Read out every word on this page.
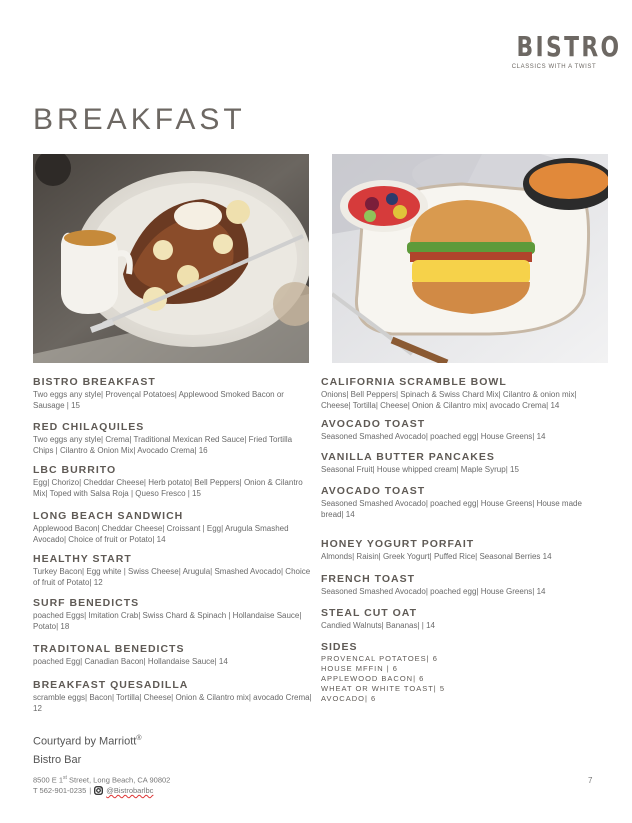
BISTRO
CLASSICS WITH A TWIST
BREAKFAST
BISTRO BREAKFAST
Two eggs any style| Provençal Potatoes| Applewood Smoked Bacon or Sausage | 15
RED CHILAQUILES
Two eggs any style| Crema| Traditional Mexican Red Sauce| Fried Tortilla Chips | Cilantro & Onion Mix| Avocado Crema| 16
LBC BURRITO
Egg| Chorizo| Cheddar Cheese| Herb potato| Bell Peppers| Onion & Cilantro Mix| Toped with Salsa Roja | Queso Fresco | 15
LONG BEACH SANDWICH
Applewood Bacon| Cheddar Cheese| Croissant | Egg| Arugula Smashed Avocado| Choice of fruit or Potato| 14
HEALTHY START
Turkey Bacon| Egg white | Swiss Cheese| Arugula| Smashed Avocado| Choice of fruit of Potato| 12
SURF BENEDICTS
poached Eggs| Imitation Crab| Swiss Chard & Spinach | Hollandaise Sauce| Potato| 18
TRADITONAL BENEDICTS
poached Egg| Canadian Bacon| Hollandaise Sauce| 14
BREAKFAST QUESADILLA
scramble eggs| Bacon| Tortilla| Cheese| Onion & Cilantro mix| avocado Crema| 12
CALIFORNIA SCRAMBLE BOWL
Onions| Bell Peppers| Spinach & Swiss Chard Mix| Cilantro & onion mix| Cheese| Tortilla| Cheese| Onion & Cilantro mix| avocado Crema| 14
AVOCADO TOAST
Seasoned Smashed Avocado| poached egg| House Greens| 14
VANILLA BUTTER PANCAKES
Seasonal Fruit| House whipped cream| Maple Syrup| 15
AVOCADO TOAST
Seasoned Smashed Avocado| poached egg| House Greens| House made bread| 14
HONEY YOGURT PORFAIT
Almonds| Raisin| Greek Yogurt| Puffed Rice| Seasonal Berries 14
FRENCH TOAST
Seasoned Smashed Avocado| poached egg| House Greens| 14
STEAL CUT OAT
Candied Walnuts| Bananas| | 14
SIDES
PROVENCAL POTATOES| 6
HOUSE MFFIN | 6
APPLEWOOD BACON| 6
WHEAT OR WHITE TOAST| 5
AVOCADO| 6
Courtyard by Marriott®
Bistro Bar
8500 E 1st Street, Long Beach, CA 90802
T 562-901-0235 | @Bistrobarlbc
7
